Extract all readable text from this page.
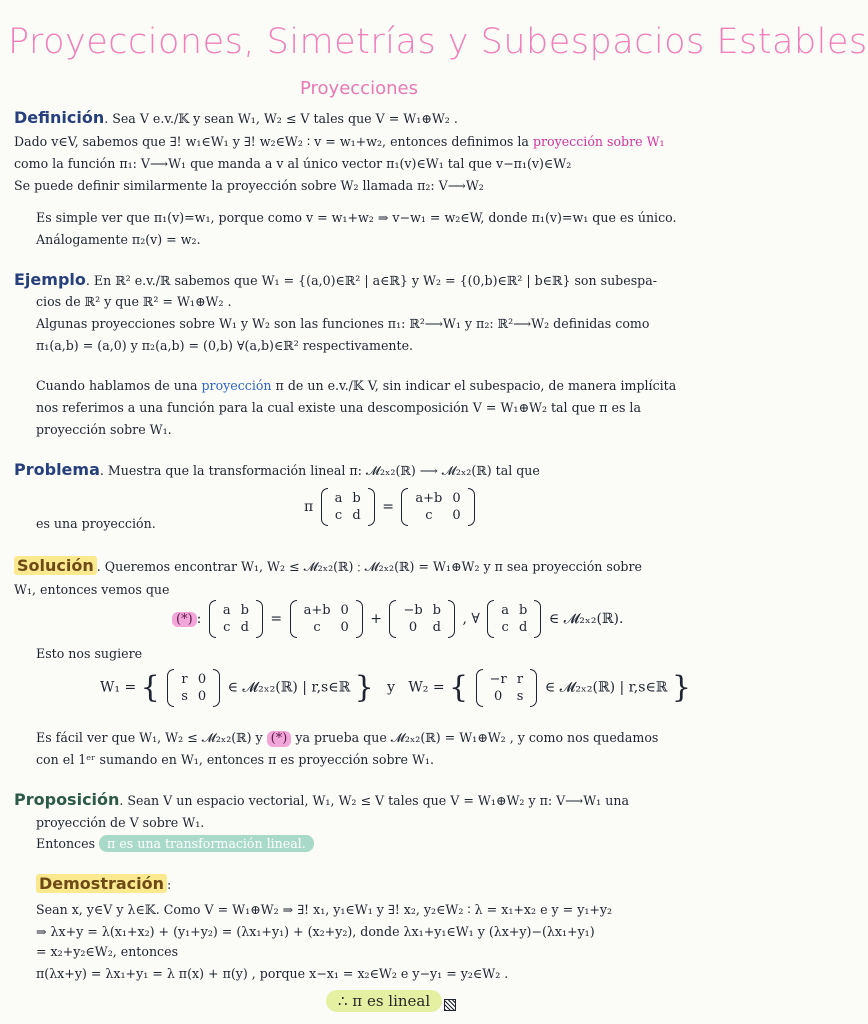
Proyecciones, Simetrías y Subespacios Estables
Proyecciones
Definición. Sea V e.v./𝕂 y sean W₁, W₂ ≤ V tales que V = W₁⊕W₂ .
Dado v∈V, sabemos que ∃! w₁∈W₁ y ∃! w₂∈W₂ ∶ v = w₁+w₂, entonces definimos la proyección sobre W₁
como la función π₁: V⟶W₁ que manda a v al único vector π₁(v)∈W₁ tal que v−π₁(v)∈W₂
Se puede definir similarmente la proyección sobre W₂ llamada π₂: V⟶W₂
Es simple ver que π₁(v)=w₁, porque como v = w₁+w₂ ⇒ v−w₁ = w₂∈W, donde π₁(v)=w₁ que es único.
Análogamente π₂(v) = w₂.
Ejemplo. En ℝ² e.v./ℝ sabemos que W₁ = {(a,0)∈ℝ² | a∈ℝ} y W₂ = {(0,b)∈ℝ² | b∈ℝ} son subespa-
cios de ℝ² y que ℝ² = W₁⊕W₂ .
Algunas proyecciones sobre W₁ y W₂ son las funciones π₁: ℝ²⟶W₁ y π₂: ℝ²⟶W₂ definidas como
π₁(a,b) = (a,0) y π₂(a,b) = (0,b) ∀(a,b)∈ℝ² respectivamente.
Cuando hablamos de una proyección π de un e.v./𝕂 V, sin indicar el subespacio, de manera implícita
nos referimos a una función para la cual existe una descomposición V = W₁⊕W₂ tal que π es la
proyección sobre W₁.
Problema. Muestra que la transformación lineal π: 𝓜₂ₓ₂(ℝ) ⟶ 𝓜₂ₓ₂(ℝ) tal que
π
a	b
c	d
=
a+b	0
c	0
es una proyección.
Solución . Queremos encontrar W₁, W₂ ≤ 𝓜₂ₓ₂(ℝ) ∶ 𝓜₂ₓ₂(ℝ) = W₁⊕W₂ y π sea proyección sobre
W₁, entonces vemos que
(*) :
a	b
c	d
=
a+b	0
c	0
+
−b	b
0	d
, ∀
a	b
c	d
∈ 𝓜₂ₓ₂(ℝ).
Esto nos sugiere
W₁ = { r	0
s	0
∈ 𝓜₂ₓ₂(ℝ) | r,s∈ℝ } y W₂ = { −r	r
0	s
∈ 𝓜₂ₓ₂(ℝ) | r,s∈ℝ }
Es fácil ver que W₁, W₂ ≤ 𝓜₂ₓ₂(ℝ) y (*) ya prueba que 𝓜₂ₓ₂(ℝ) = W₁⊕W₂ , y como nos quedamos
con el 1ᵉʳ sumando en W₁, entonces π es proyección sobre W₁.
Proposición. Sean V un espacio vectorial, W₁, W₂ ≤ V tales que V = W₁⊕W₂ y π: V⟶W₁ una
proyección de V sobre W₁.
Entonces π es una transformación lineal.
Demostración :
Sean x, y∈V y λ∈𝕂. Como V = W₁⊕W₂ ⇒ ∃! x₁, y₁∈W₁ y ∃! x₂, y₂∈W₂ ∶ λ = x₁+x₂ e y = y₁+y₂
⇒ λx+y = λ(x₁+x₂) + (y₁+y₂) = (λx₁+y₁) + (x₂+y₂), donde λx₁+y₁∈W₁ y (λx+y)−(λx₁+y₁)
= x₂+y₂∈W₂, entonces
π(λx+y) = λx₁+y₁ = λ π(x) + π(y) , porque x−x₁ = x₂∈W₂ e y−y₁ = y₂∈W₂ .
∴ π es lineal
